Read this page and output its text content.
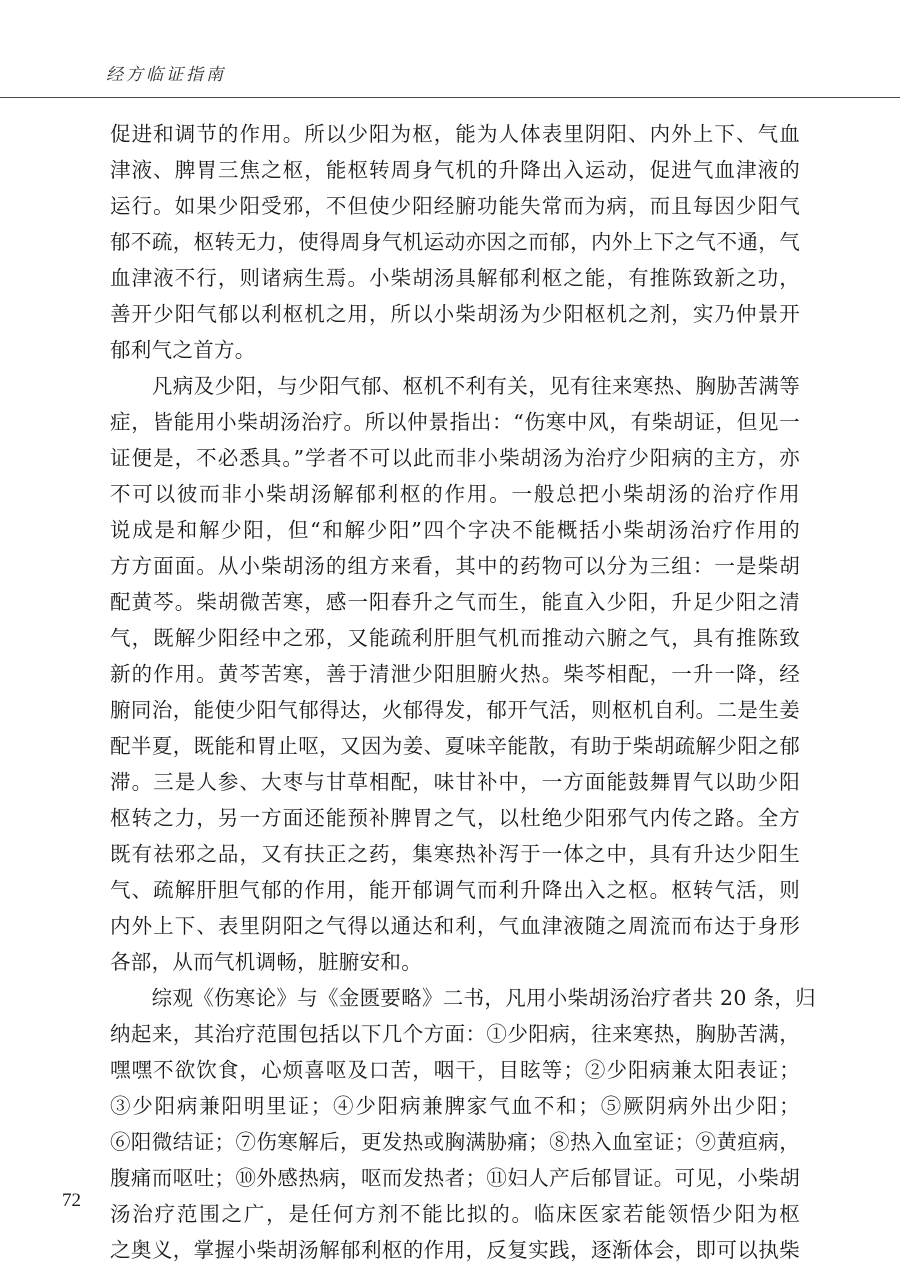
经方临证指南
促进和调节的作用。所以少阳为枢，能为人体表里阴阳、内外上下、气血
津液、脾胃三焦之枢，能枢转周身气机的升降出入运动，促进气血津液的
运行。如果少阳受邪，不但使少阳经腑功能失常而为病，而且每因少阳气
郁不疏，枢转无力，使得周身气机运动亦因之而郁，内外上下之气不通，气
血津液不行，则诸病生焉。小柴胡汤具解郁利枢之能，有推陈致新之功，
善开少阳气郁以利枢机之用，所以小柴胡汤为少阳枢机之剂，实乃仲景开
郁利气之首方。
　　凡病及少阳，与少阳气郁、枢机不利有关，见有往来寒热、胸胁苦满等
症，皆能用小柴胡汤治疗。所以仲景指出：“伤寒中风，有柴胡证，但见一
证便是，不必悉具。”学者不可以此而非小柴胡汤为治疗少阳病的主方，亦
不可以彼而非小柴胡汤解郁利枢的作用。一般总把小柴胡汤的治疗作用
说成是和解少阳，但“和解少阳”四个字决不能概括小柴胡汤治疗作用的
方方面面。从小柴胡汤的组方来看，其中的药物可以分为三组：一是柴胡
配黄芩。柴胡微苦寒，感一阳春升之气而生，能直入少阳，升足少阳之清
气，既解少阳经中之邪，又能疏利肝胆气机而推动六腑之气，具有推陈致
新的作用。黄芩苦寒，善于清泄少阳胆腑火热。柴芩相配，一升一降，经
腑同治，能使少阳气郁得达，火郁得发，郁开气活，则枢机自利。二是生姜
配半夏，既能和胃止呕，又因为姜、夏味辛能散，有助于柴胡疏解少阳之郁
滞。三是人参、大枣与甘草相配，味甘补中，一方面能鼓舞胃气以助少阳
枢转之力，另一方面还能预补脾胃之气，以杜绝少阳邪气内传之路。全方
既有祛邪之品，又有扶正之药，集寒热补泻于一体之中，具有升达少阳生
气、疏解肝胆气郁的作用，能开郁调气而利升降出入之枢。枢转气活，则
内外上下、表里阴阳之气得以通达和利，气血津液随之周流而布达于身形
各部，从而气机调畅，脏腑安和。
　　综观《伤寒论》与《金匮要略》二书，凡用小柴胡汤治疗者共 20 条，归
纳起来，其治疗范围包括以下几个方面：①少阳病，往来寒热，胸胁苦满，
嘿嘿不欲饮食，心烦喜呕及口苦，咽干，目眩等；②少阳病兼太阳表证；
③少阳病兼阳明里证；④少阳病兼脾家气血不和；⑤厥阴病外出少阳；
⑥阳微结证；⑦伤寒解后，更发热或胸满胁痛；⑧热入血室证；⑨黄疸病，
腹痛而呕吐；⑩外感热病，呕而发热者；⑪妇人产后郁冒证。可见，小柴胡
汤治疗范围之广，是任何方剂不能比拟的。临床医家若能领悟少阳为枢
之奥义，掌握小柴胡汤解郁利枢的作用，反复实践，逐渐体会，即可以执柴
72
